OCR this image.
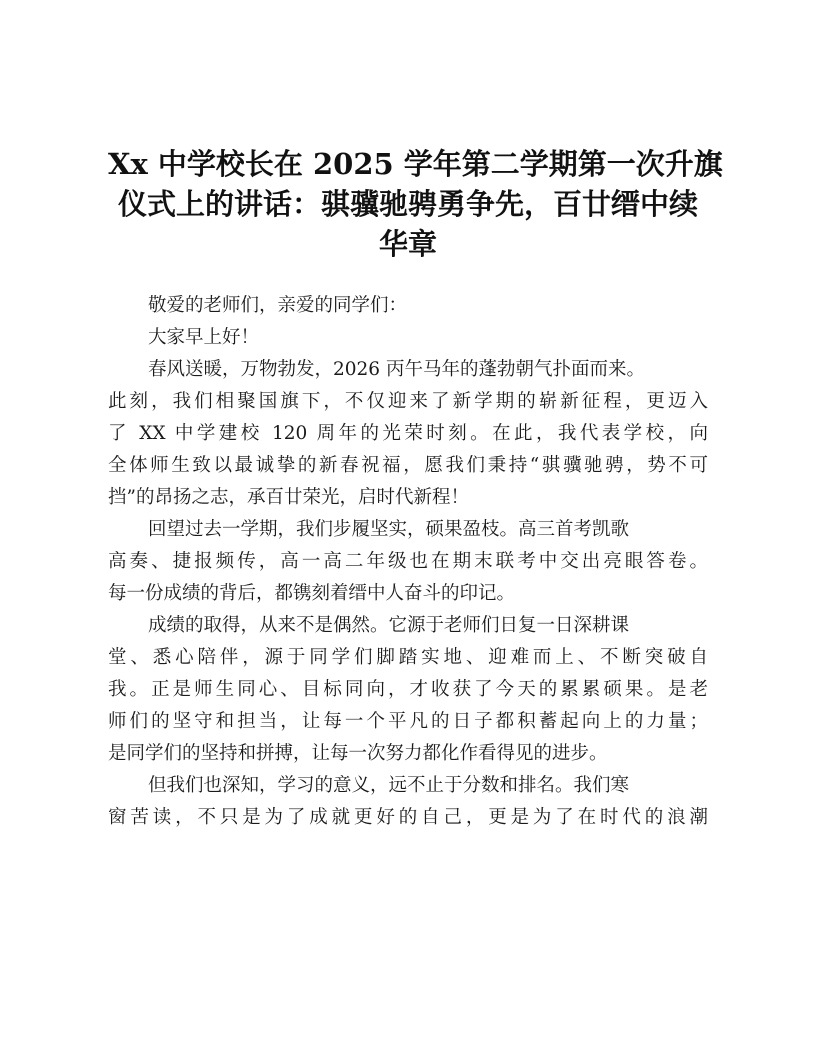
Xx 中学校长在 2025 学年第二学期第一次升旗
仪式上的讲话：骐骥驰骋勇争先，百廿缙中续
华章
敬爱的老师们，亲爱的同学们：
大家早上好！
春风送暖，万物勃发，2026 丙午马年的蓬勃朝气扑面而来。
此刻，我们相聚国旗下，不仅迎来了新学期的崭新征程，更迈入
了 XX 中学建校 120 周年的光荣时刻。在此，我代表学校，向
全体师生致以最诚挚的新春祝福，愿我们秉持“骐骥驰骋，势不可
挡”的昂扬之志，承百廿荣光，启时代新程！
回望过去一学期，我们步履坚实，硕果盈枝。高三首考凯歌
高奏、捷报频传，高一高二年级也在期末联考中交出亮眼答卷。
每一份成绩的背后，都镌刻着缙中人奋斗的印记。
成绩的取得，从来不是偶然。它源于老师们日复一日深耕课
堂、悉心陪伴，源于同学们脚踏实地、迎难而上、不断突破自
我。正是师生同心、目标同向，才收获了今天的累累硕果。是老
师们的坚守和担当，让每一个平凡的日子都积蓄起向上的力量；
是同学们的坚持和拼搏，让每一次努力都化作看得见的进步。
但我们也深知，学习的意义，远不止于分数和排名。我们寒
窗苦读，不只是为了成就更好的自己，更是为了在时代的浪潮
